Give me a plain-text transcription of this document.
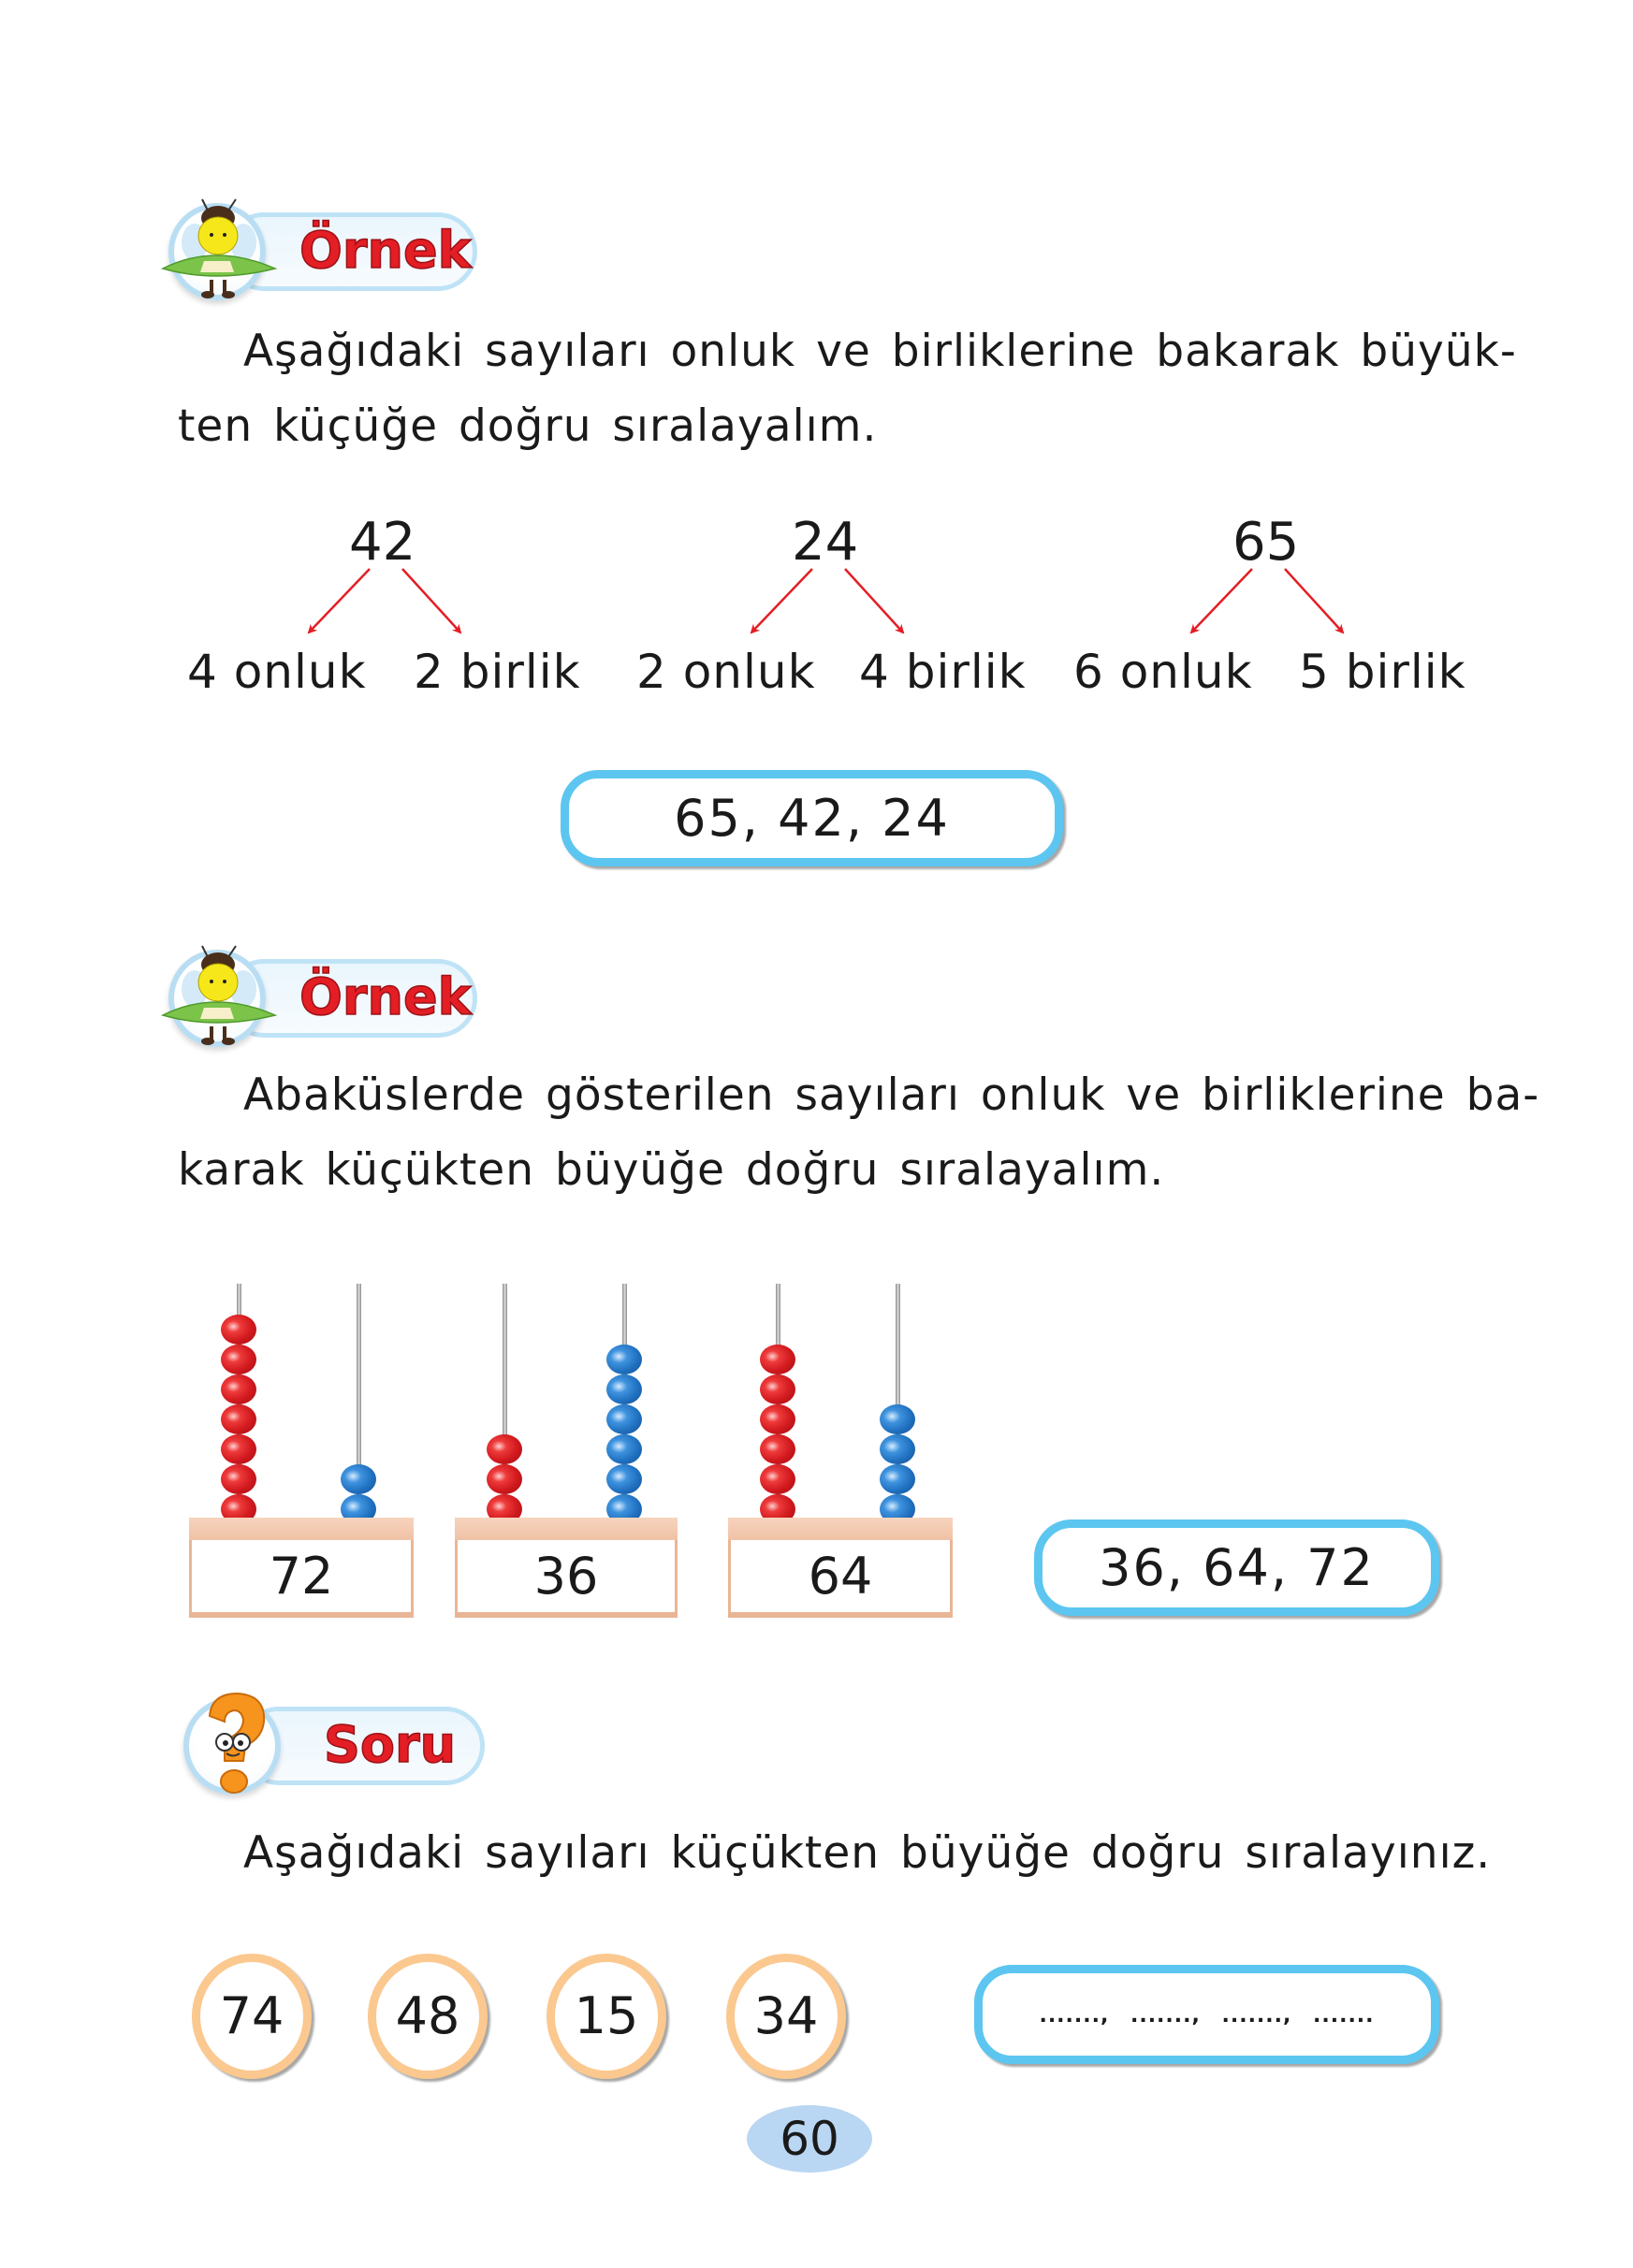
Örnek
Aşağıdaki sayıları onluk ve birliklerine bakarak büyük-
ten küçüğe doğru sıralayalım.
42	24	65
4 onluk 2 birlik 2 onluk 4 birlik 6 onluk 5 birlik
65, 42, 24
Örnek
Abaküslerde gösterilen sayıları onluk ve birliklerine ba-
karak küçükten büyüğe doğru sıralayalım.
72	36	64	36, 64, 72
Soru
Aşağıdaki sayıları küçükten büyüğe doğru sıralayınız.
74 48 15 34	......., ......., ......., .......
60
